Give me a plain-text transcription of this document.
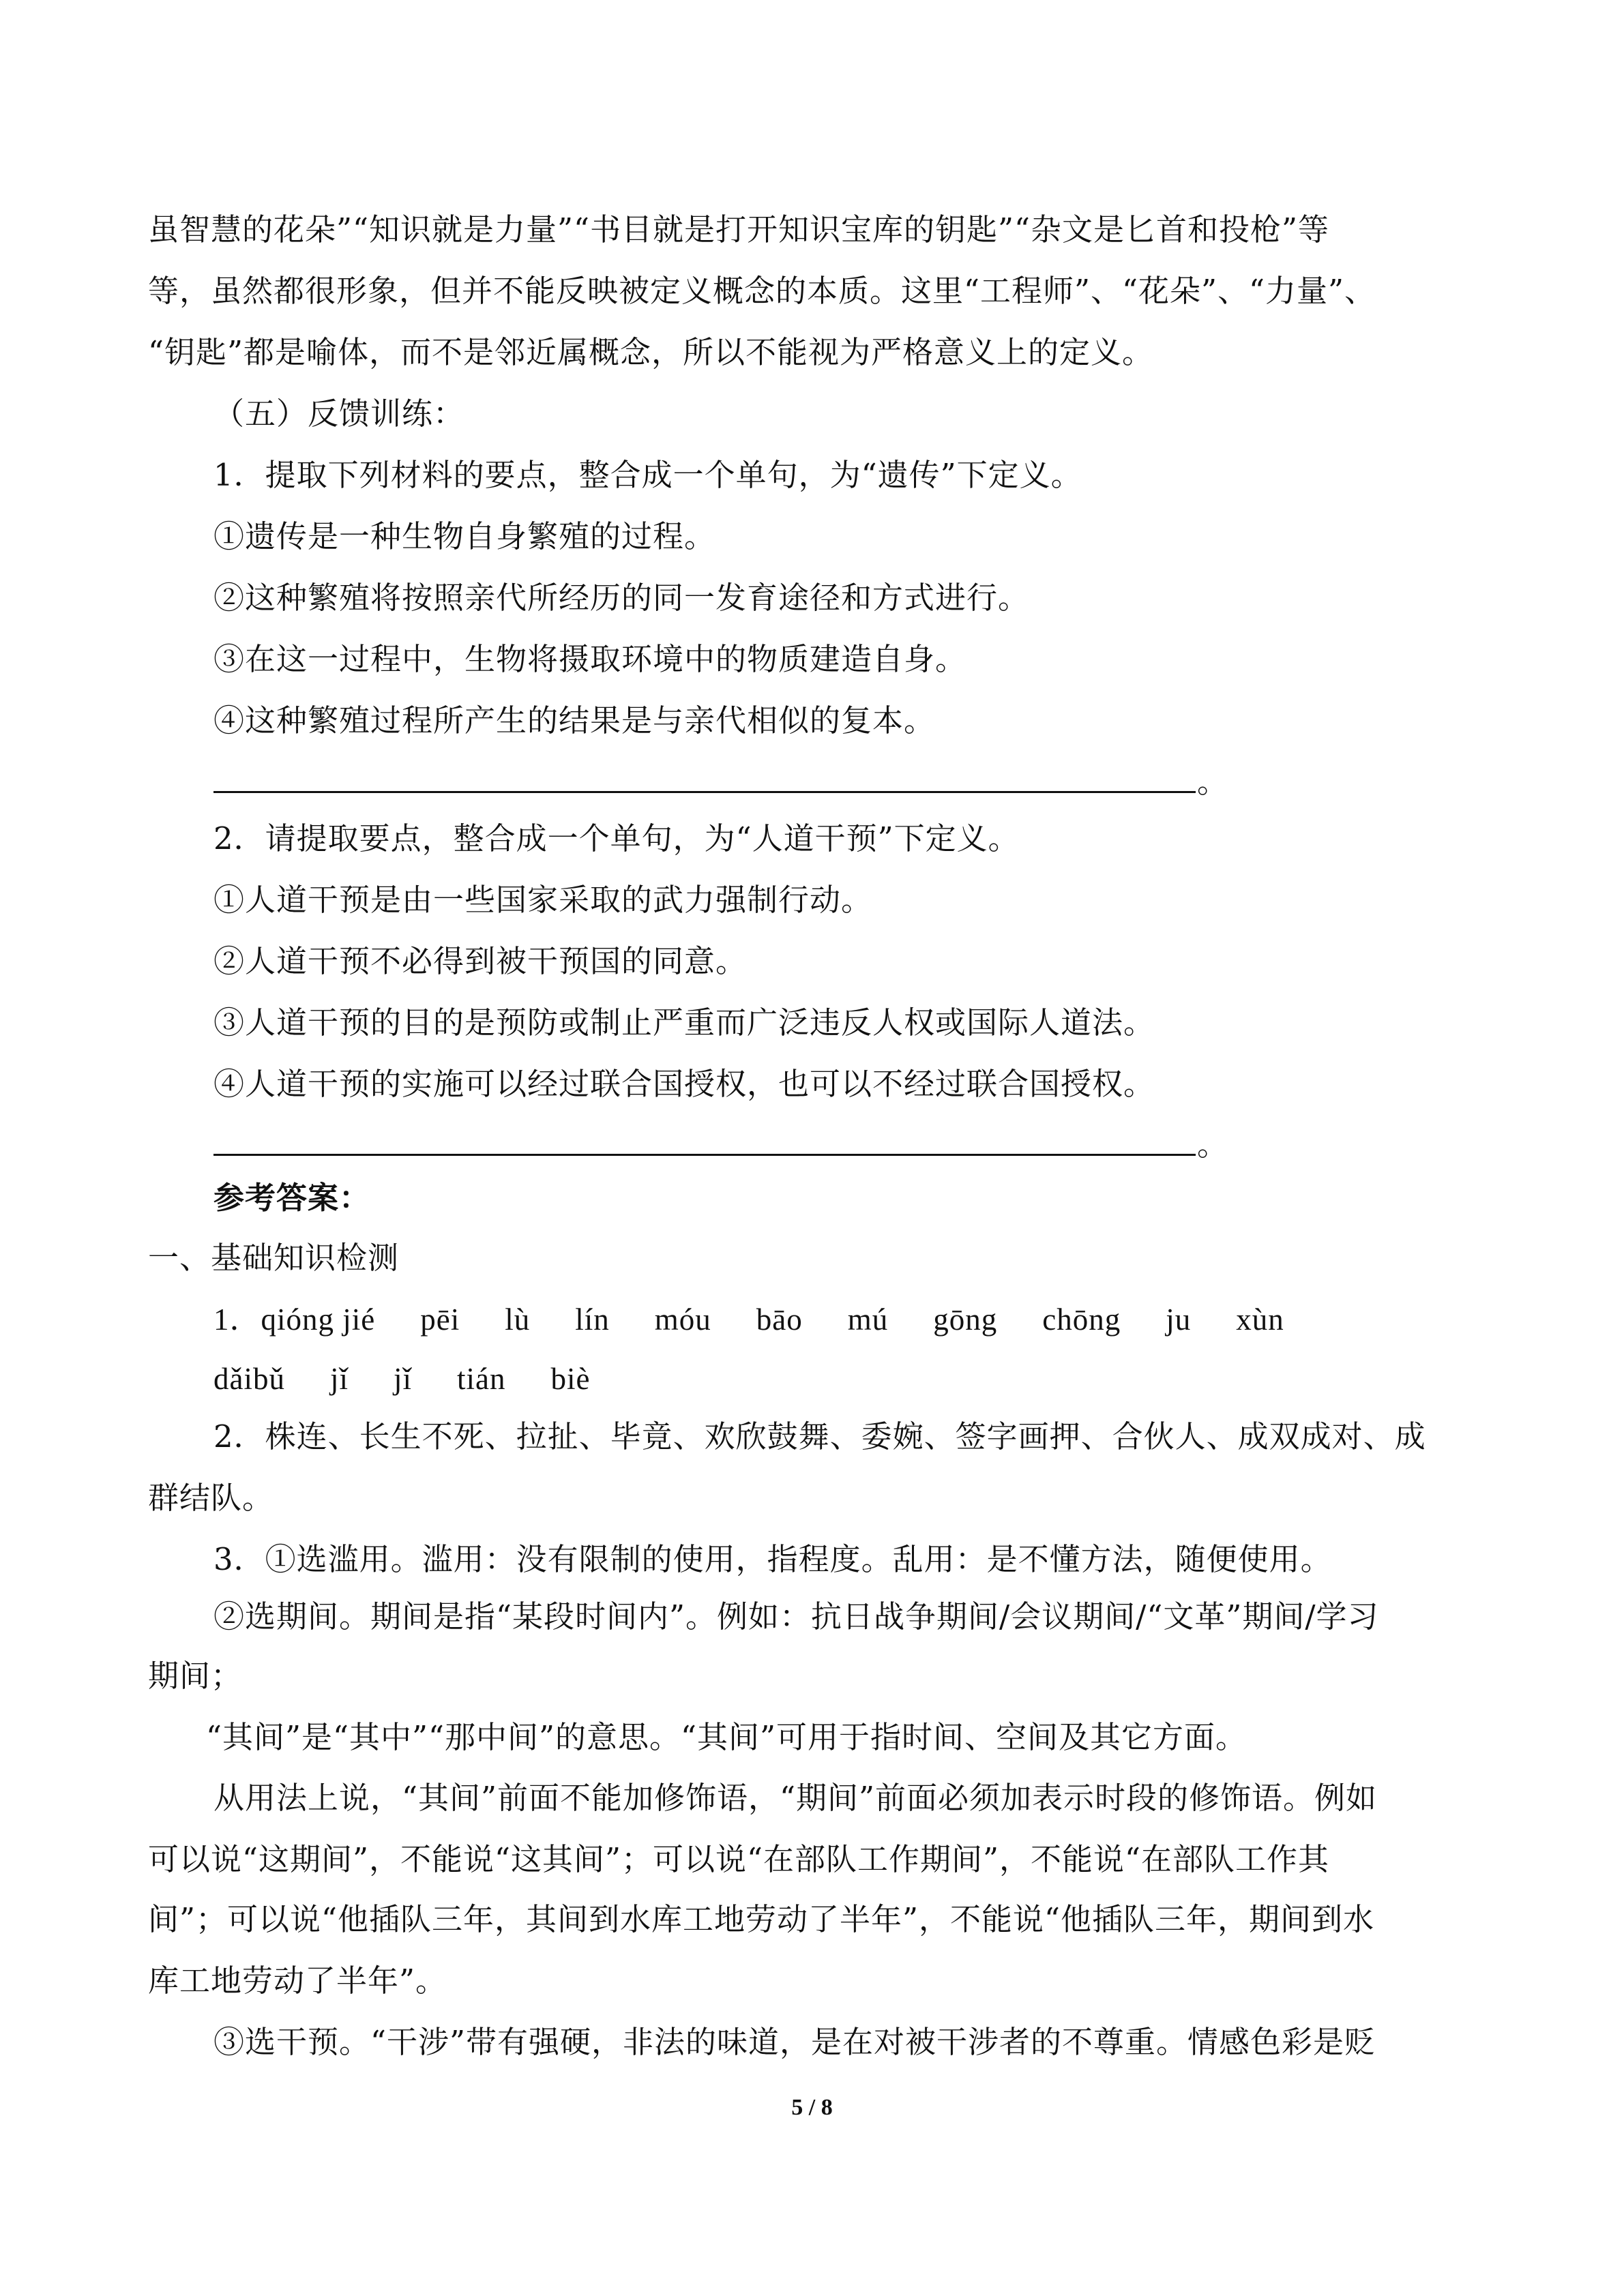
虽智慧的花朵”“知识就是力量”“书目就是打开知识宝库的钥匙”“杂文是匕首和投枪”等
等，虽然都很形象，但并不能反映被定义概念的本质。这里“工程师”、“花朵”、“力量”、
“钥匙”都是喻体，而不是邻近属概念，所以不能视为严格意义上的定义。
（五）反馈训练：
1．提取下列材料的要点，整合成一个单句，为“遗传”下定义。
①遗传是一种生物自身繁殖的过程。
②这种繁殖将按照亲代所经历的同一发育途径和方式进行。
③在这一过程中，生物将摄取环境中的物质建造自身。
④这种繁殖过程所产生的结果是与亲代相似的复本。
。
2．请提取要点，整合成一个单句，为“人道干预”下定义。
①人道干预是由一些国家采取的武力强制行动。
②人道干预不必得到被干预国的同意。
③人道干预的目的是预防或制止严重而广泛违反人权或国际人道法。
④人道干预的实施可以经过联合国授权，也可以不经过联合国授权。
。
参考答案：
一、基础知识检测
1．qióng jié pēi lù lín móu bāo mú gōng chōng ju xùn
dǎibǔ jǐ jǐ tián biè
2．株连、长生不死、拉扯、毕竟、欢欣鼓舞、委婉、签字画押、合伙人、成双成对、成
群结队。
3．①选滥用。滥用：没有限制的使用，指程度。乱用：是不懂方法，随便使用。
②选期间。期间是指“某段时间内”。例如：抗日战争期间/会议期间/“文革”期间/学习
期间；
“其间”是“其中”“那中间”的意思。“其间”可用于指时间、空间及其它方面。
从用法上说，“其间”前面不能加修饰语，“期间”前面必须加表示时段的修饰语。例如
可以说“这期间”，不能说“这其间”；可以说“在部队工作期间”，不能说“在部队工作其
间”；可以说“他插队三年，其间到水库工地劳动了半年”，不能说“他插队三年，期间到水
库工地劳动了半年”。
③选干预。“干涉”带有强硬，非法的味道，是在对被干涉者的不尊重。情感色彩是贬
5 / 8
